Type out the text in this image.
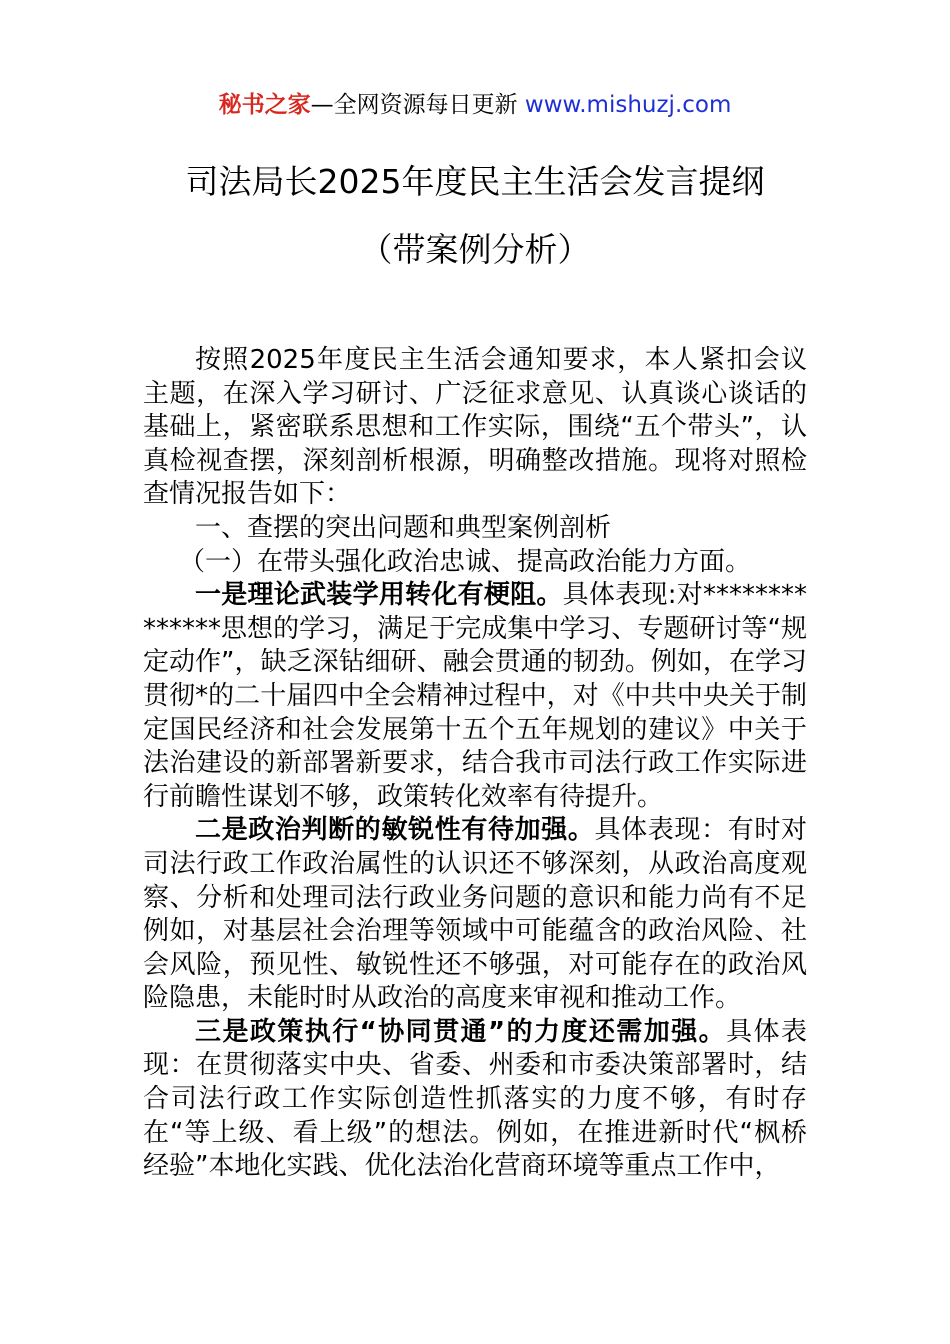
秘书之家—全网资源每日更新 www.mishuzj.com
司法局长2025年度民主生活会发言提纲
（带案例分析）

按照2025年度民主生活会通知要求，本人紧扣会议主题，在深入学习研讨、广泛征求意见、认真谈心谈话的基础上，紧密联系思想和工作实际，围绕“五个带头”，认真检视查摆，深刻剖析根源，明确整改措施。现将对照检查情况报告如下：

一、查摆的突出问题和典型案例剖析

（一）在带头强化政治忠诚、提高政治能力方面。

一是理论武装学用转化有梗阻。具体表现:对**************思想的学习，满足于完成集中学习、专题研讨等“规定动作”，缺乏深钻细研、融会贯通的韧劲。例如，在学习贯彻*的二十届四中全会精神过程中，对《中共中央关于制定国民经济和社会发展第十五个五年规划的建议》中关于法治建设的新部署新要求，结合我市司法行政工作实际进行前瞻性谋划不够，政策转化效率有待提升。

二是政治判断的敏锐性有待加强。具体表现：有时对司法行政工作政治属性的认识还不够深刻，从政治高度观察、分析和处理司法行政业务问题的意识和能力尚有不足例如，对基层社会治理等领域中可能蕴含的政治风险、社会风险，预见性、敏锐性还不够强，对可能存在的政治风险隐患，未能时时从政治的高度来审视和推动工作。

三是政策执行“协同贯通”的力度还需加强。具体表现：在贯彻落实中央、省委、州委和市委决策部署时，结合司法行政工作实际创造性抓落实的力度不够，有时存在“等上级、看上级”的想法。例如，在推进新时代“枫桥经验”本地化实践、优化法治化营商环境等重点工作中，
